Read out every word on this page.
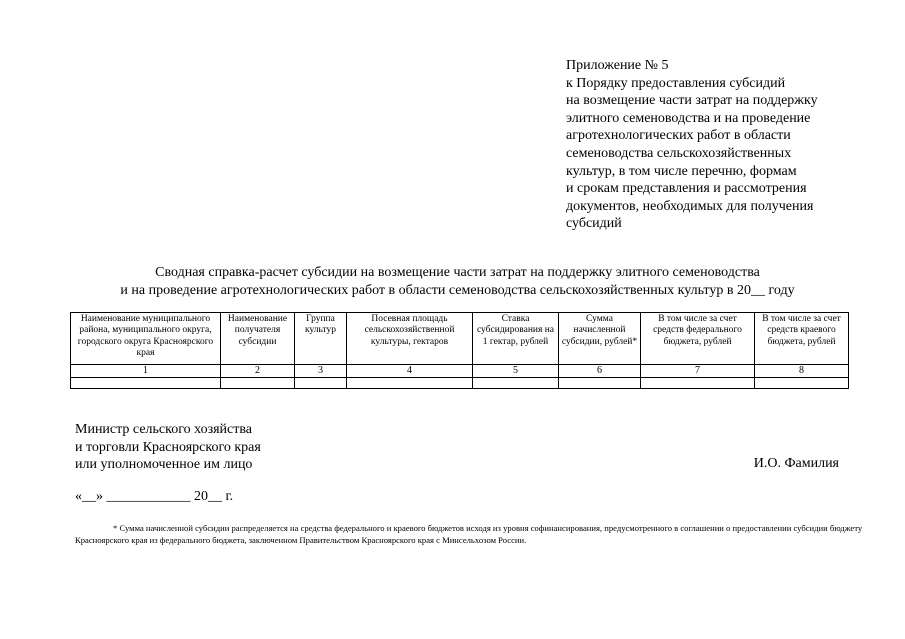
Приложение № 5
к Порядку предоставления субсидий
на возмещение части затрат на поддержку
элитного семеноводства и на проведение
агротехнологических работ в области
семеноводства сельскохозяйственных
культур, в том числе перечню, формам
и срокам представления и рассмотрения
документов, необходимых для получения
субсидий
Сводная справка-расчет субсидии на возмещение части затрат на поддержку элитного семеноводства
и на проведение агротехнологических работ в области семеноводства сельскохозяйственных культур в 20__ году
Наименование муниципального района, муниципального округа, городского округа Красноярского края	Наименование получателя субсидии	Группа культур	Посевная площадь сельскохозяйственной культуры, гектаров	Ставка субсидирования на 1 гектар, рублей	Сумма начисленной субсидии, рублей*	В том числе за счет средств федерального бюджета, рублей	В том числе за счет средств краевого бюджета, рублей
1	2	3	4	5	6	7	8

Министр сельского хозяйства
и торговли Красноярского края
или уполномоченное им лицо	И.О. Фамилия
«__» ____________ 20__ г.
* Сумма начисленной субсидии распределяется на средства федерального и краевого бюджетов исходя из уровня софинансирования, предусмотренного в соглашении о предоставлении субсидии бюджету Красноярского края из федерального бюджета, заключенном Правительством Красноярского края с Минсельхозом России.
